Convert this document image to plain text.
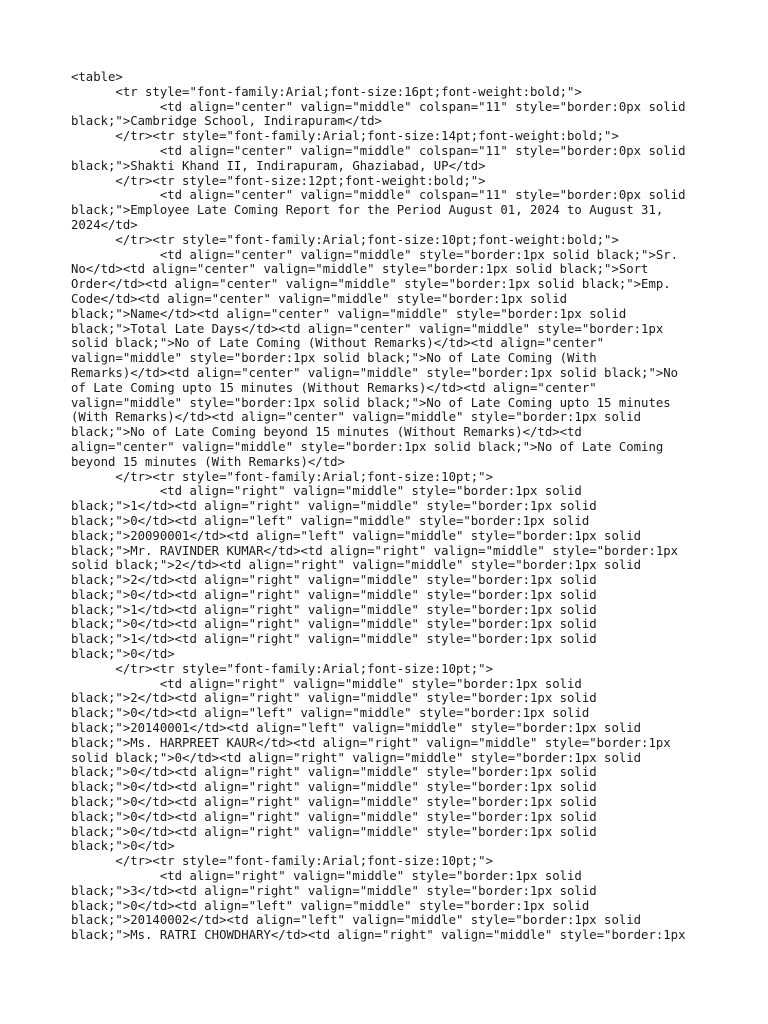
<table>
<tr style="font-family:Arial;font-size:16pt;font-weight:bold;">
<td align="center" valign="middle" colspan="11" style="border:0px solid
black;">Cambridge School, Indirapuram</td>
</tr><tr style="font-family:Arial;font-size:14pt;font-weight:bold;">
<td align="center" valign="middle" colspan="11" style="border:0px solid
black;">Shakti Khand II, Indirapuram, Ghaziabad, UP</td>
</tr><tr style="font-size:12pt;font-weight:bold;">
<td align="center" valign="middle" colspan="11" style="border:0px solid
black;">Employee Late Coming Report for the Period August 01, 2024 to August 31,
2024</td>
</tr><tr style="font-family:Arial;font-size:10pt;font-weight:bold;">
<td align="center" valign="middle" style="border:1px solid black;">Sr.
No</td><td align="center" valign="middle" style="border:1px solid black;">Sort
Order</td><td align="center" valign="middle" style="border:1px solid black;">Emp.
Code</td><td align="center" valign="middle" style="border:1px solid
black;">Name</td><td align="center" valign="middle" style="border:1px solid
black;">Total Late Days</td><td align="center" valign="middle" style="border:1px
solid black;">No of Late Coming (Without Remarks)</td><td align="center"
valign="middle" style="border:1px solid black;">No of Late Coming (With
Remarks)</td><td align="center" valign="middle" style="border:1px solid black;">No
of Late Coming upto 15 minutes (Without Remarks)</td><td align="center"
valign="middle" style="border:1px solid black;">No of Late Coming upto 15 minutes
(With Remarks)</td><td align="center" valign="middle" style="border:1px solid
black;">No of Late Coming beyond 15 minutes (Without Remarks)</td><td
align="center" valign="middle" style="border:1px solid black;">No of Late Coming
beyond 15 minutes (With Remarks)</td>
</tr><tr style="font-family:Arial;font-size:10pt;">
<td align="right" valign="middle" style="border:1px solid
black;">1</td><td align="right" valign="middle" style="border:1px solid
black;">0</td><td align="left" valign="middle" style="border:1px solid
black;">20090001</td><td align="left" valign="middle" style="border:1px solid
black;">Mr. RAVINDER KUMAR</td><td align="right" valign="middle" style="border:1px
solid black;">2</td><td align="right" valign="middle" style="border:1px solid
black;">2</td><td align="right" valign="middle" style="border:1px solid
black;">0</td><td align="right" valign="middle" style="border:1px solid
black;">1</td><td align="right" valign="middle" style="border:1px solid
black;">0</td><td align="right" valign="middle" style="border:1px solid
black;">1</td><td align="right" valign="middle" style="border:1px solid
black;">0</td>
</tr><tr style="font-family:Arial;font-size:10pt;">
<td align="right" valign="middle" style="border:1px solid
black;">2</td><td align="right" valign="middle" style="border:1px solid
black;">0</td><td align="left" valign="middle" style="border:1px solid
black;">20140001</td><td align="left" valign="middle" style="border:1px solid
black;">Ms. HARPREET KAUR</td><td align="right" valign="middle" style="border:1px
solid black;">0</td><td align="right" valign="middle" style="border:1px solid
black;">0</td><td align="right" valign="middle" style="border:1px solid
black;">0</td><td align="right" valign="middle" style="border:1px solid
black;">0</td><td align="right" valign="middle" style="border:1px solid
black;">0</td><td align="right" valign="middle" style="border:1px solid
black;">0</td><td align="right" valign="middle" style="border:1px solid
black;">0</td>
</tr><tr style="font-family:Arial;font-size:10pt;">
<td align="right" valign="middle" style="border:1px solid
black;">3</td><td align="right" valign="middle" style="border:1px solid
black;">0</td><td align="left" valign="middle" style="border:1px solid
black;">20140002</td><td align="left" valign="middle" style="border:1px solid
black;">Ms. RATRI CHOWDHARY</td><td align="right" valign="middle" style="border:1px
